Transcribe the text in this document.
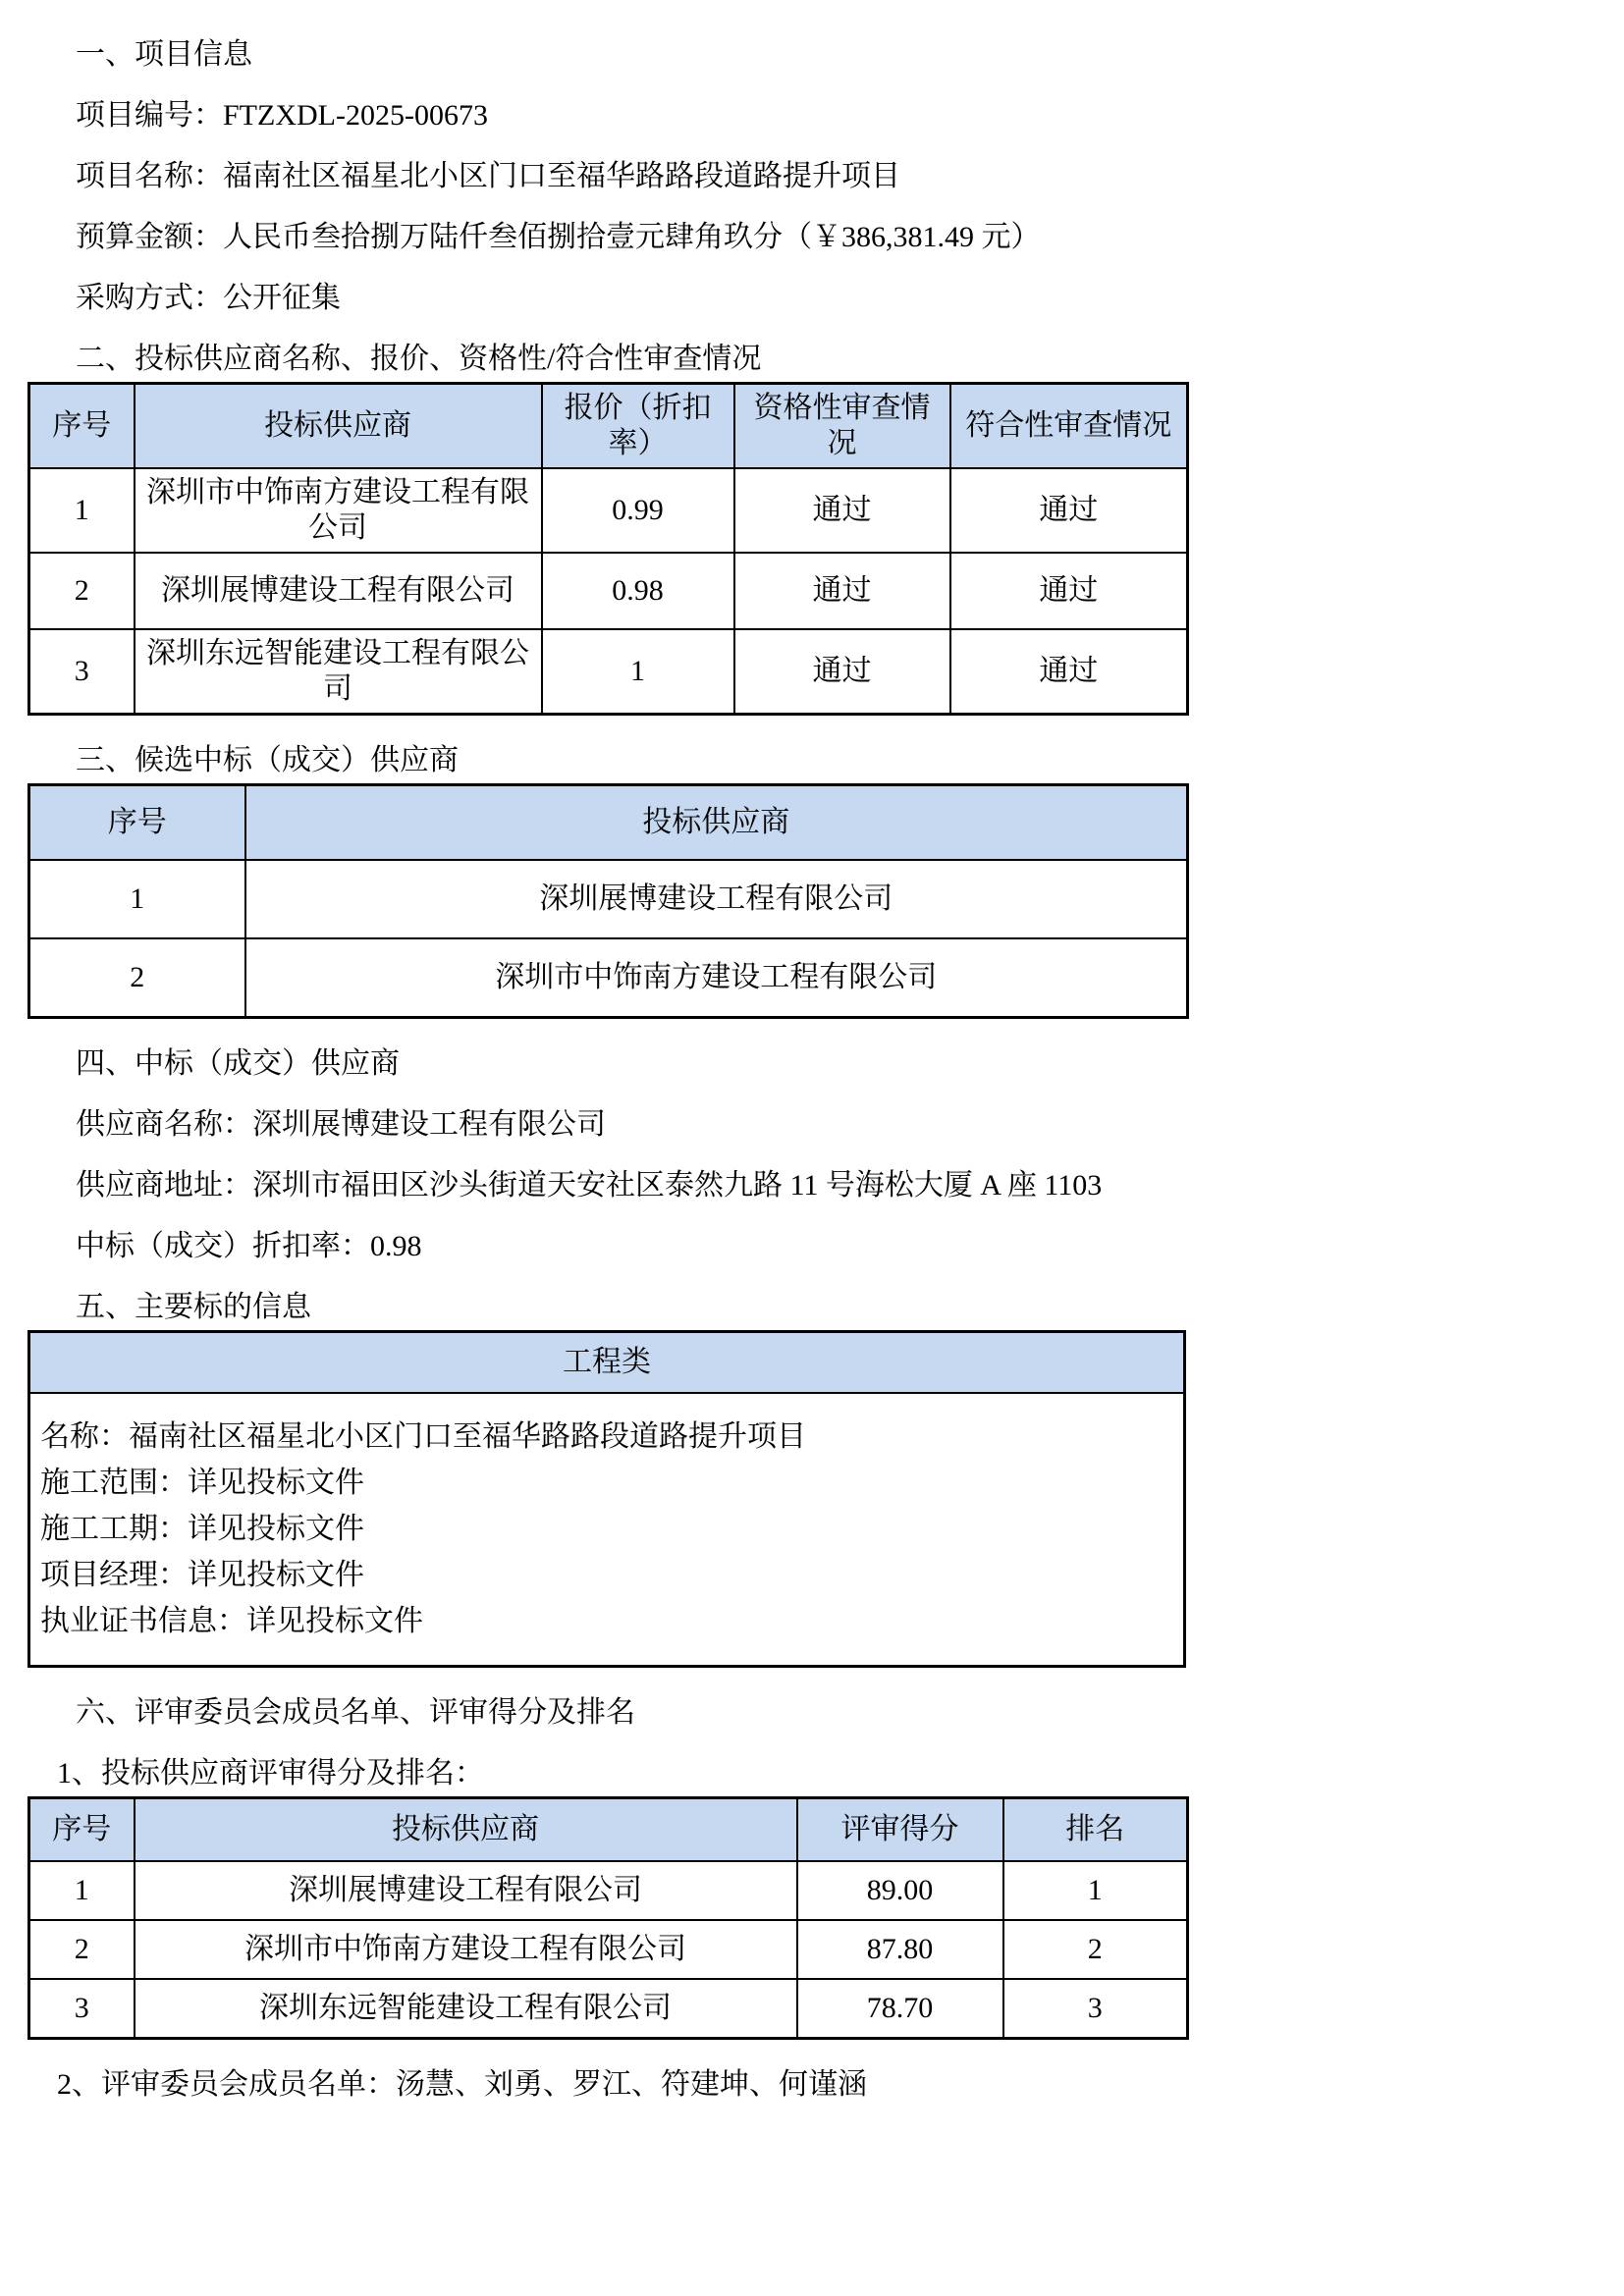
一、项目信息

项目编号：FTZXDL-2025-00673

项目名称：福南社区福星北小区门口至福华路路段道路提升项目

预算金额：人民币叁拾捌万陆仟叁佰捌拾壹元肆角玖分（￥386,381.49 元）

采购方式：公开征集

二、投标供应商名称、报价、资格性/符合性审查情况

序号	投标供应商	报价（折扣率）	资格性审查情况	符合性审查情况
1	深圳市中饰南方建设工程有限公司	0.99	通过	通过
2	深圳展博建设工程有限公司	0.98	通过	通过
3	深圳东远智能建设工程有限公司	1	通过	通过

三、候选中标（成交）供应商

序号	投标供应商
1	深圳展博建设工程有限公司
2	深圳市中饰南方建设工程有限公司

四、中标（成交）供应商

供应商名称：深圳展博建设工程有限公司

供应商地址：深圳市福田区沙头街道天安社区泰然九路 11 号海松大厦 A 座 1103

中标（成交）折扣率：0.98

五、主要标的信息

工程类

名称：福南社区福星北小区门口至福华路路段道路提升项目

施工范围：详见投标文件

施工工期：详见投标文件

项目经理：详见投标文件

执业证书信息：详见投标文件

六、评审委员会成员名单、评审得分及排名

1、投标供应商评审得分及排名：

序号	投标供应商	评审得分	排名
1	深圳展博建设工程有限公司	89.00	1
2	深圳市中饰南方建设工程有限公司	87.80	2
3	深圳东远智能建设工程有限公司	78.70	3

2、评审委员会成员名单：汤慧、刘勇、罗江、符建坤、何谨涵
